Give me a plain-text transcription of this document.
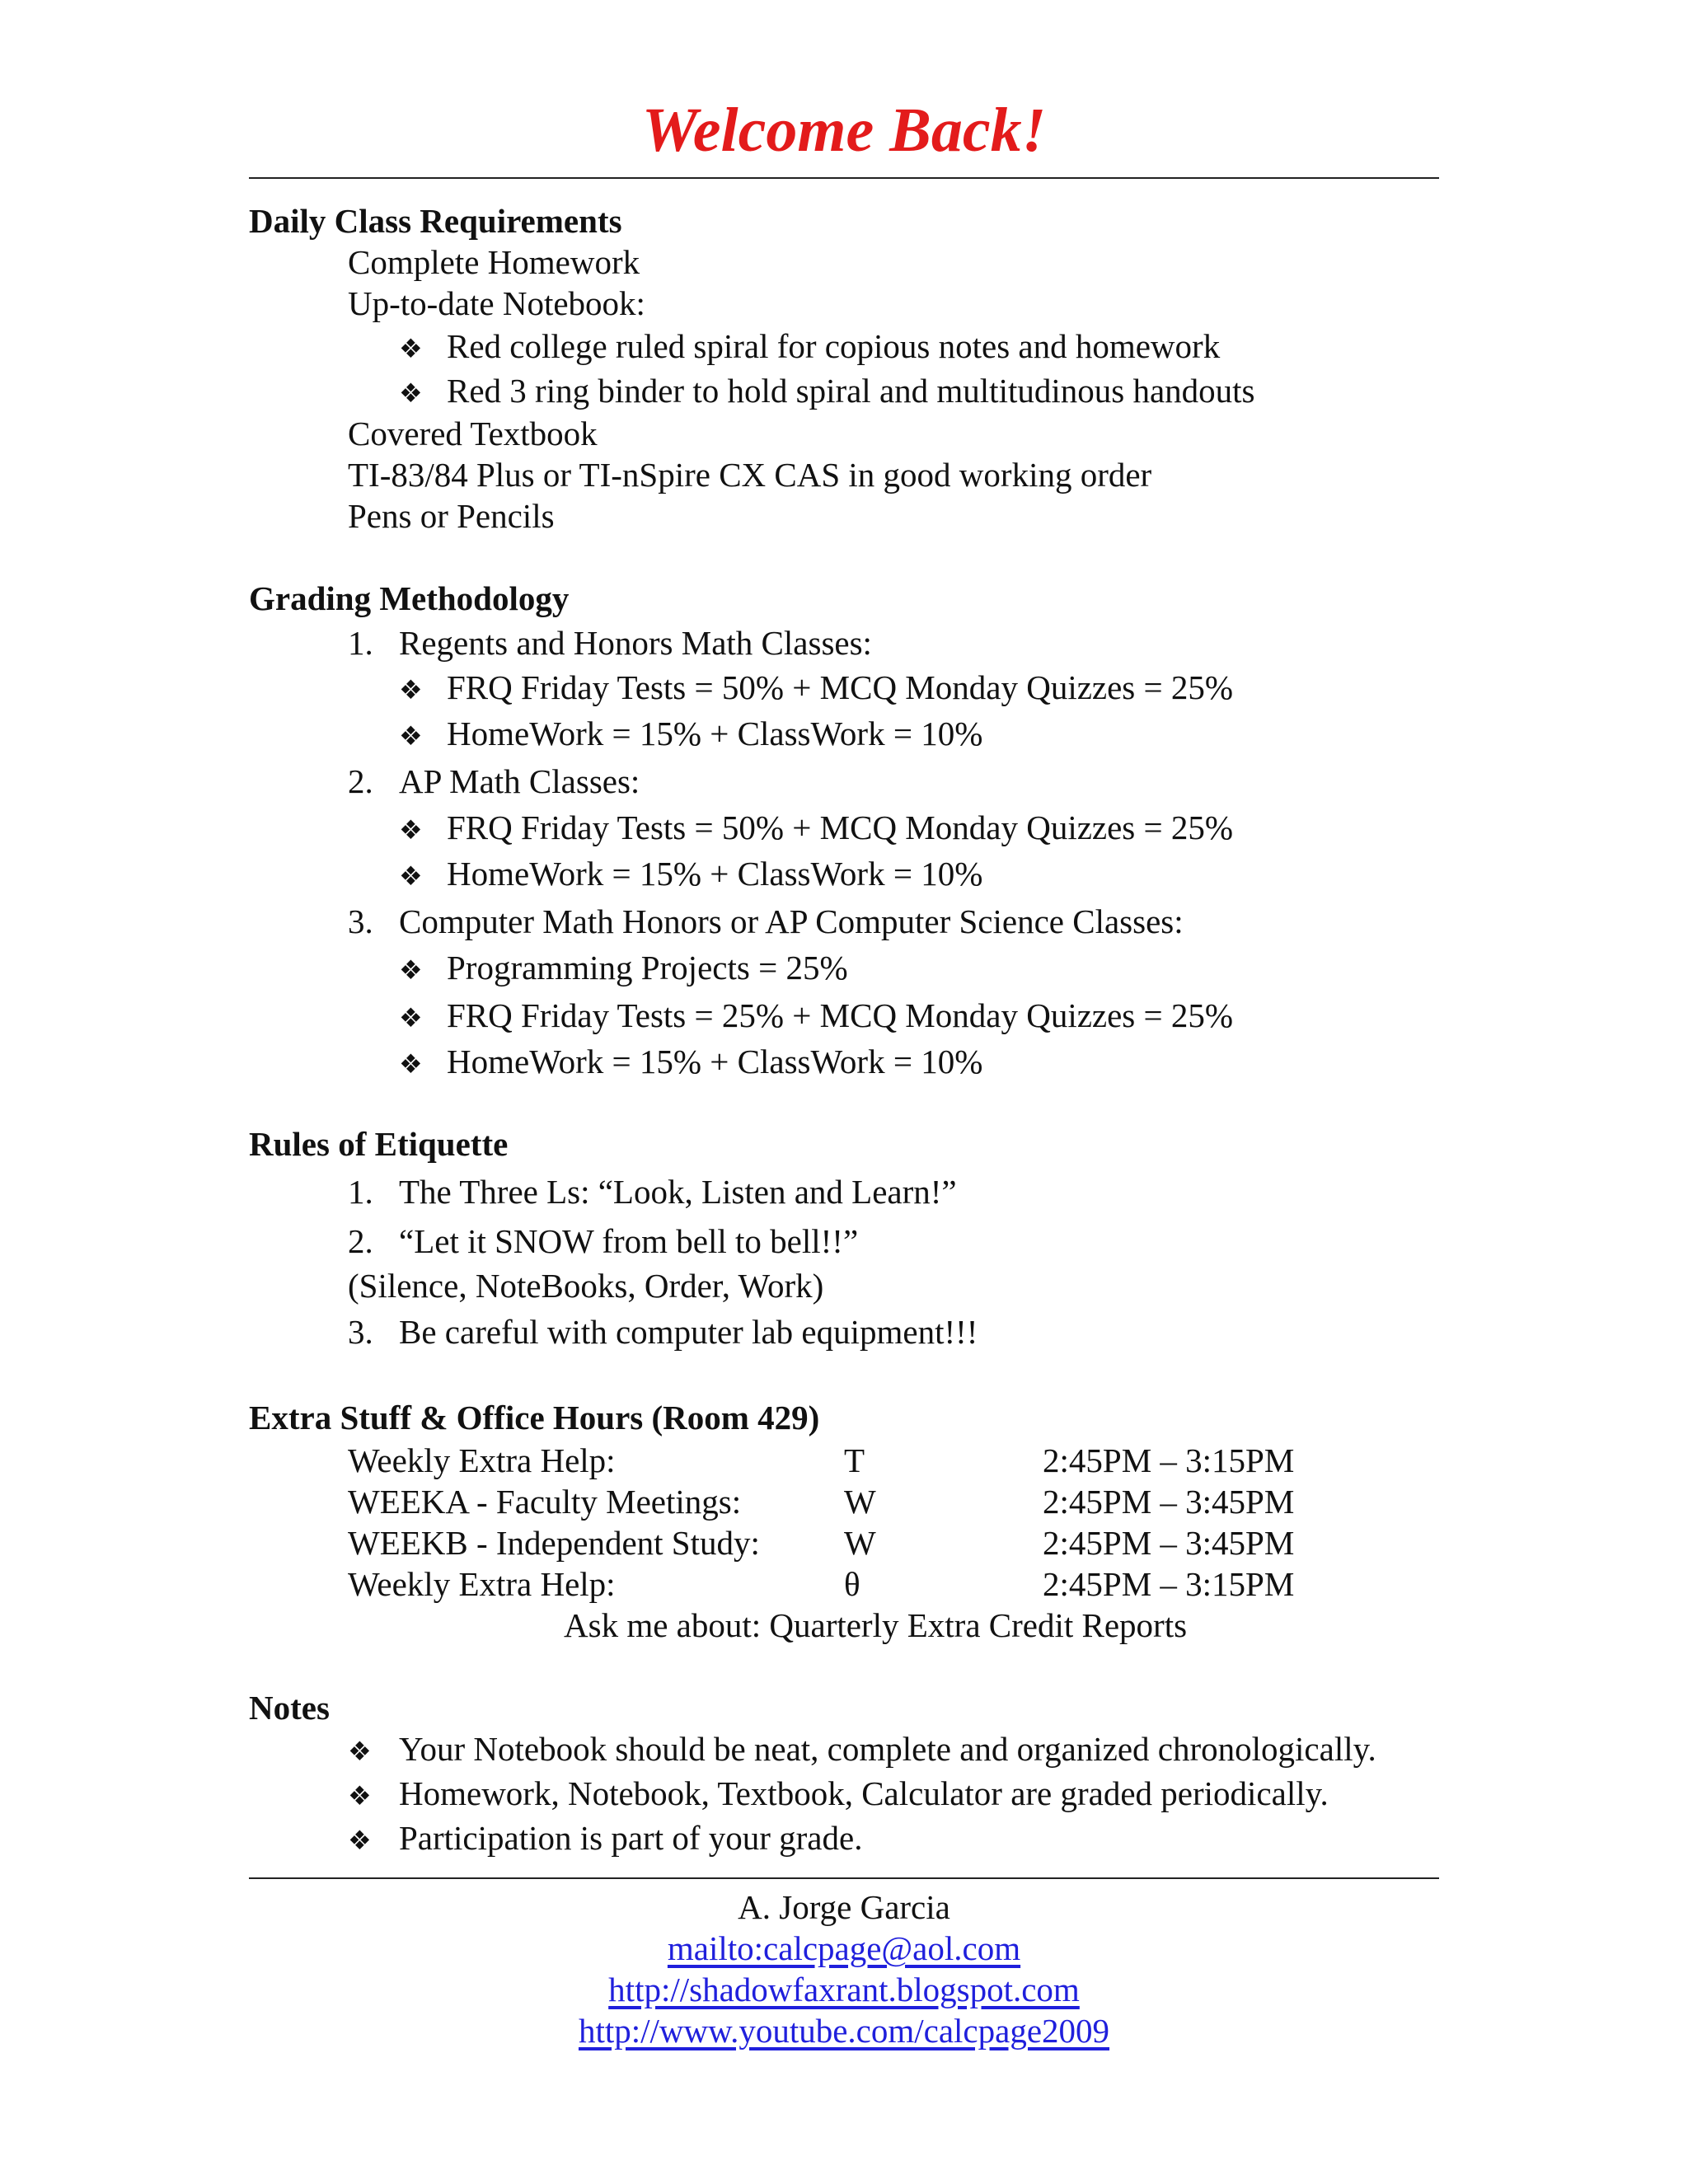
Welcome Back!
Daily Class Requirements
Complete Homework
Up-to-date Notebook:
❖ Red college ruled spiral for copious notes and homework
❖ Red 3 ring binder to hold spiral and multitudinous handouts
Covered Textbook
TI-83/84 Plus or TI-nSpire CX CAS in good working order
Pens or Pencils
Grading Methodology
1. Regents and Honors Math Classes:
❖ FRQ Friday Tests = 50% + MCQ Monday Quizzes = 25%
❖ HomeWork = 15% + ClassWork = 10%
2. AP Math Classes:
❖ FRQ Friday Tests = 50% + MCQ Monday Quizzes = 25%
❖ HomeWork = 15% + ClassWork = 10%
3. Computer Math Honors or AP Computer Science Classes:
❖ Programming Projects = 25%
❖ FRQ Friday Tests = 25% + MCQ Monday Quizzes = 25%
❖ HomeWork = 15% + ClassWork = 10%
Rules of Etiquette
1. The Three Ls: “Look, Listen and Learn!”
2. “Let it SNOW from bell to bell!!”
(Silence, NoteBooks, Order, Work)
3. Be careful with computer lab equipment!!!
Extra Stuff & Office Hours (Room 429)
Weekly Extra Help:	T	2:45PM – 3:15PM
WEEKA - Faculty Meetings:	W	2:45PM – 3:45PM
WEEKB - Independent Study: W	2:45PM – 3:45PM
Weekly Extra Help:	θ	2:45PM – 3:15PM
Ask me about: Quarterly Extra Credit Reports
Notes
❖ Your Notebook should be neat, complete and organized chronologically.
❖ Homework, Notebook, Textbook, Calculator are graded periodically.
❖ Participation is part of your grade.
A. Jorge Garcia
mailto:calcpage@aol.com
http://shadowfaxrant.blogspot.com
http://www.youtube.com/calcpage2009
